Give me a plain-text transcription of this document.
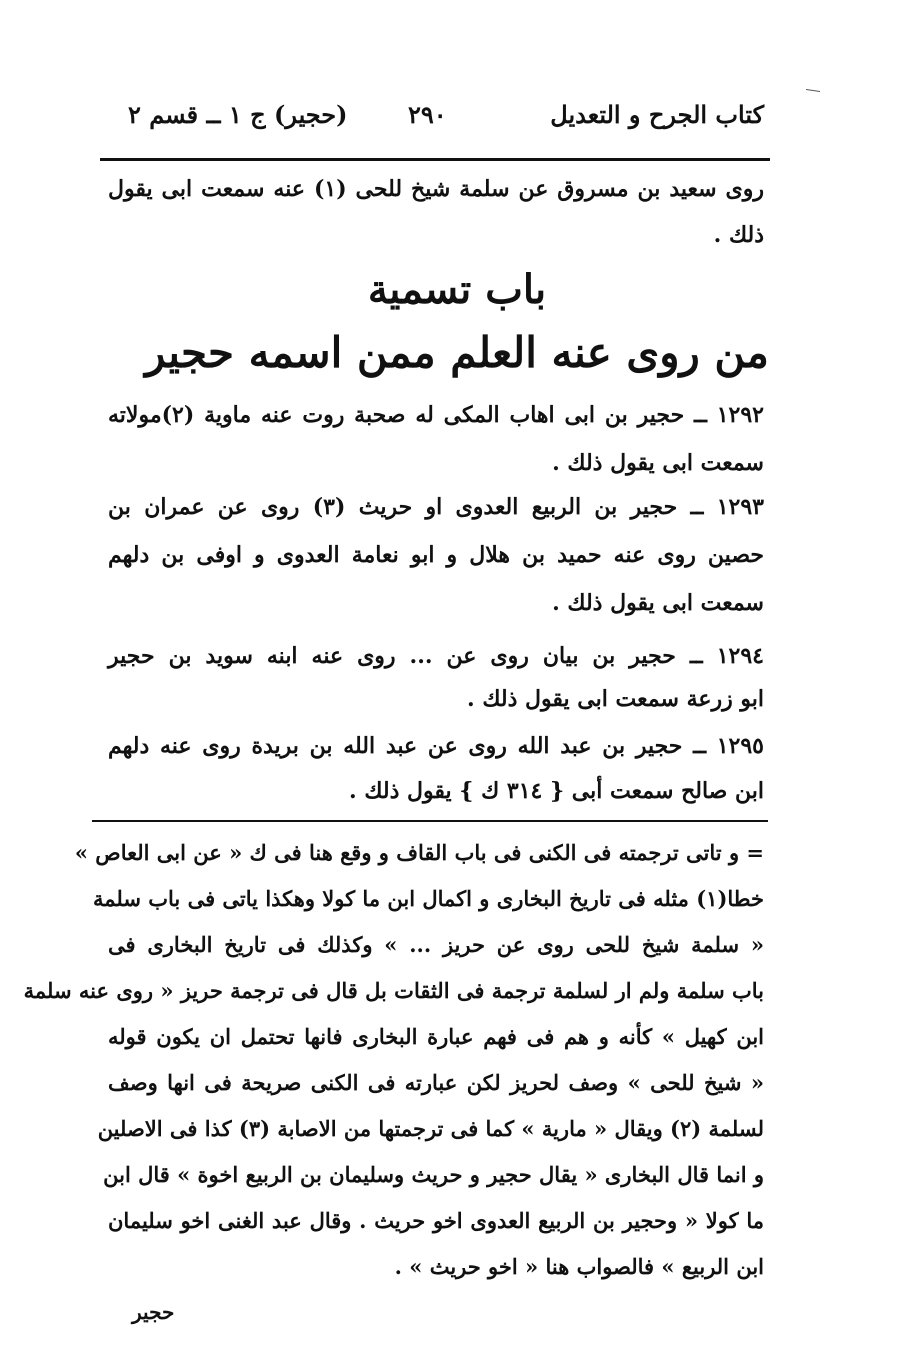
كتاب الجرح و التعديل
٢٩٠
(حجير) ج ١ ــ قسم ٢
روى سعيد بن مسروق عن سلمة شيخ للحى (١) عنه سمعت ابى يقول
ذلك .
باب تسمية
من روى عنه العلم ممن اسمه حجير
١٢٩٢ ــ حجير بن ابى اهاب المكى له صحبة روت عنه ماوية (٢)مولاته
سمعت ابى يقول ذلك .
١٢٩٣ ــ حجير بن الربيع العدوى او حريث (٣) روى عن عمران بن
حصين روى عنه حميد بن هلال و ابو نعامة العدوى و اوفى بن دلهم
سمعت ابى يقول ذلك .
١٢٩٤ ــ حجير بن بيان روى عن ... روى عنه ابنه سويد بن حجير
ابو زرعة سمعت ابى يقول ذلك .
١٢٩٥ ــ حجير بن عبد الله روى عن عبد الله بن بريدة روى عنه دلهم
ابن صالح سمعت أبى { ٣١٤ ك } يقول ذلك .
= و تاتى ترجمته فى الكنى فى باب القاف و وقع هنا فى ك « عن ابى العاص »
خطا(١) مثله فى تاريخ البخارى و اكمال ابن ما كولا وهكذا ياتى فى باب سلمة
« سلمة شيخ للحى روى عن حريز ... » وكذلك فى تاريخ البخارى فى
باب سلمة ولم ار لسلمة ترجمة فى الثقات بل قال فى ترجمة حريز « روى عنه سلمة
ابن كهيل » كأنه و هم فى فهم عبارة البخارى فانها تحتمل ان يكون قوله
« شيخ للحى » وصف لحريز لكن عبارته فى الكنى صريحة فى انها وصف
لسلمة (٢) ويقال « مارية » كما فى ترجمتها من الاصابة (٣) كذا فى الاصلين
و انما قال البخارى « يقال حجير و حريث وسليمان بن الربيع اخوة » قال ابن
ما كولا « وحجير بن الربيع العدوى اخو حريث . وقال عبد الغنى اخو سليمان
ابن الربيع » فالصواب هنا « اخو حريث » .
حجير
